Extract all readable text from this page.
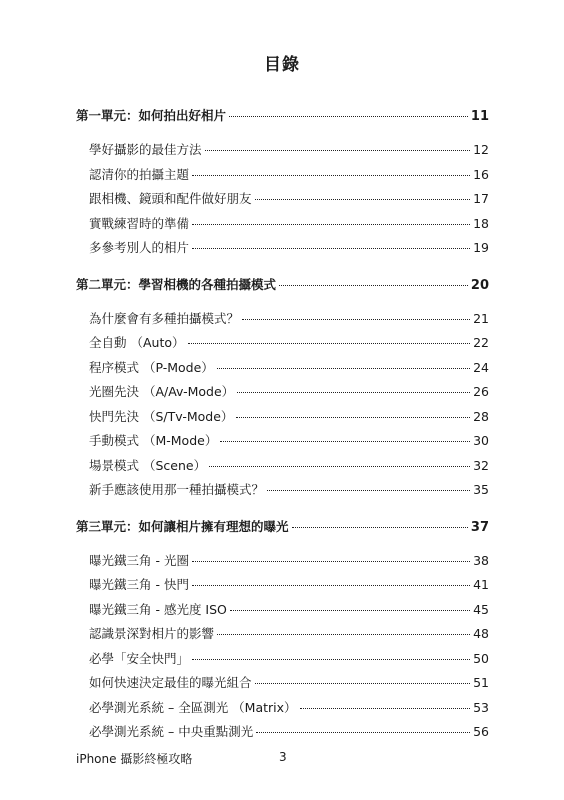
目錄
第一單元：如何拍出好相片	11
學好攝影的最佳方法	12
認清你的拍攝主題	16
跟相機、鏡頭和配件做好朋友	17
實戰練習時的準備	18
多參考別人的相片	19
第二單元：學習相機的各種拍攝模式	20
為什麼會有多種拍攝模式？	21
全自動 （Auto）	22
程序模式 （P-Mode）	24
光圈先決 （A/Av-Mode）	26
快門先決 （S/Tv-Mode）	28
手動模式 （M-Mode）	30
場景模式 （Scene）	32
新手應該使用那一種拍攝模式？	35
第三單元：如何讓相片擁有理想的曝光	37
曝光鐵三角 - 光圈	38
曝光鐵三角 - 快門	41
曝光鐵三角 - 感光度 ISO	45
認識景深對相片的影響	48
必學「安全快門」	50
如何快速決定最佳的曝光組合	51
必學測光系統 – 全區測光 （Matrix）	53
必學測光系統 – 中央重點測光	56
iPhone 攝影終極攻略	3
